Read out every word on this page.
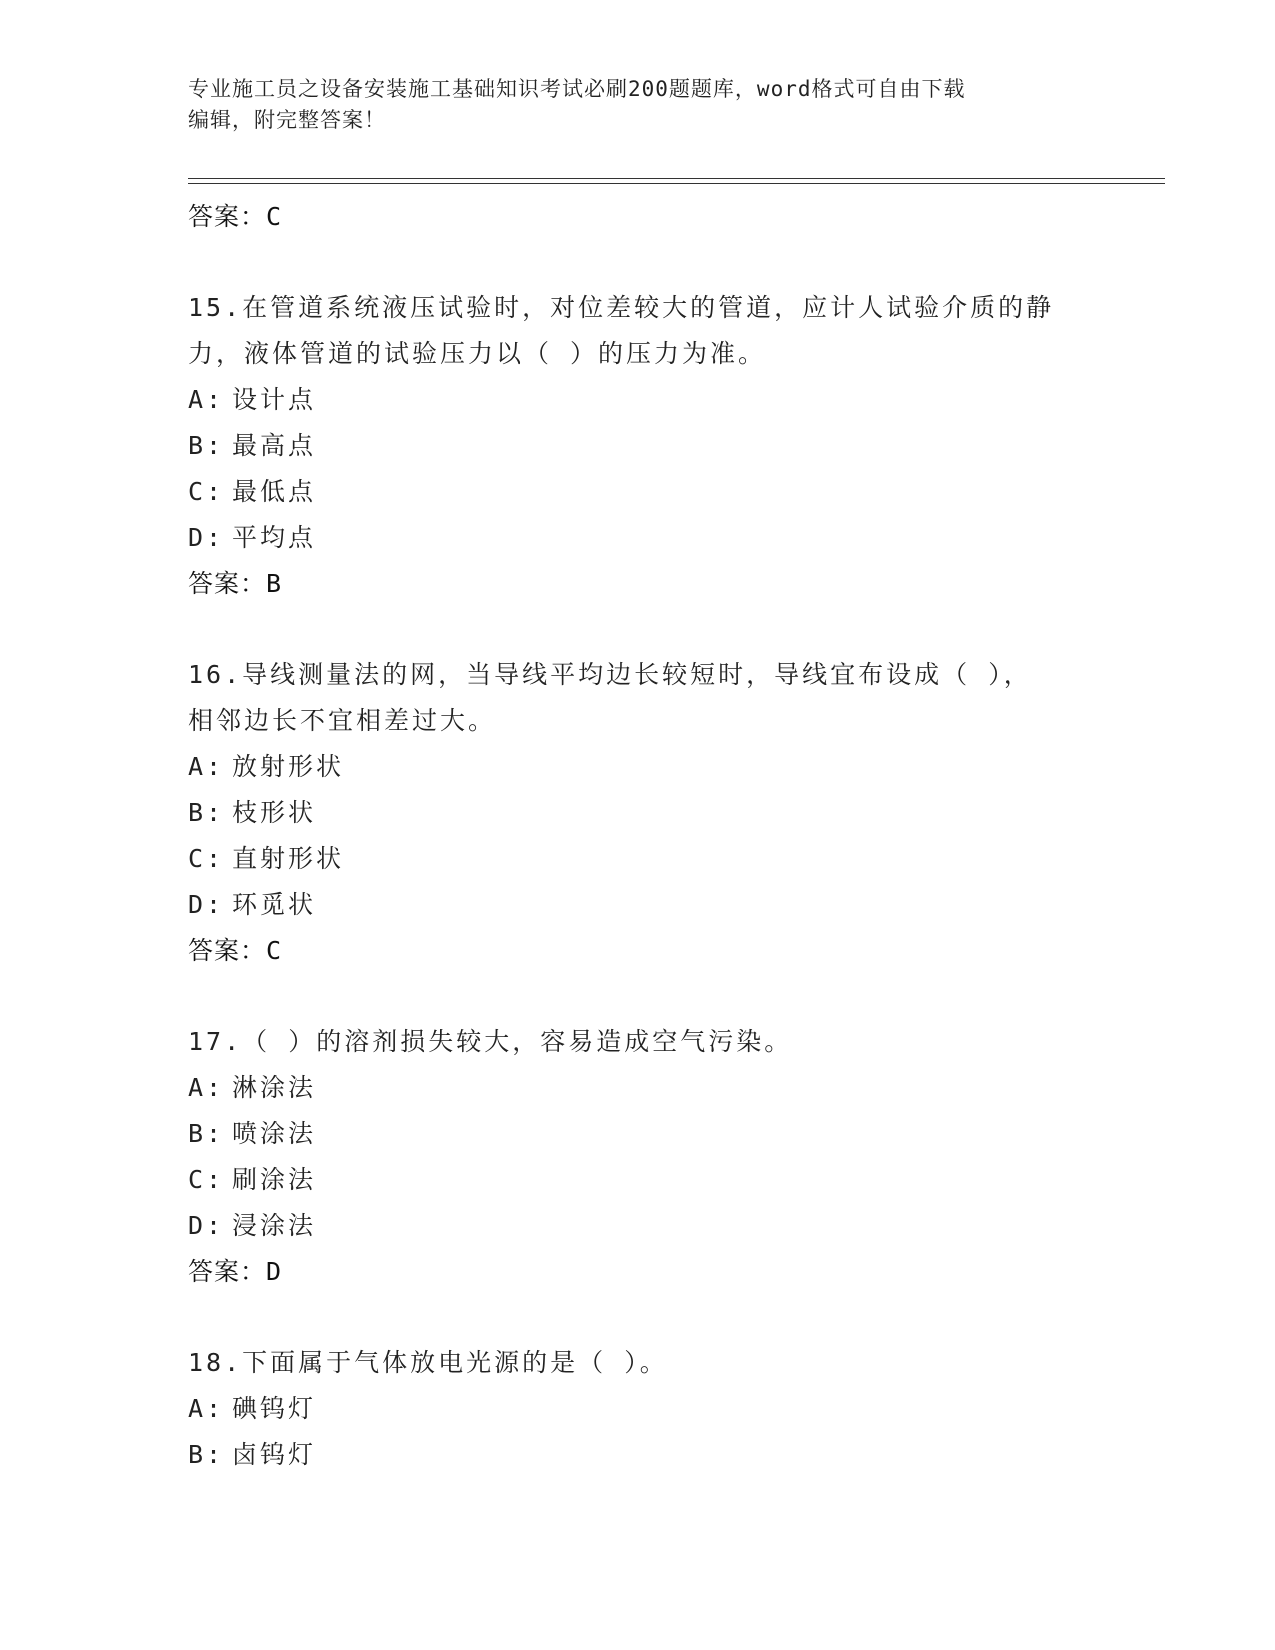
专业施工员之设备安装施工基础知识考试必刷200题题库，word格式可自由下载
编辑，附完整答案！
答案：C
15.在管道系统液压试验时，对位差较大的管道，应计人试验介质的静
力，液体管道的试验压力以（ ）的压力为准。
A: 设计点
B: 最高点
C: 最低点
D: 平均点
答案：B
16.导线测量法的网，当导线平均边长较短时，导线宜布设成（ ），
相邻边长不宜相差过大。
A: 放射形状
B: 枝形状
C: 直射形状
D: 环觅状
答案：C
17.（ ）的溶剂损失较大，容易造成空气污染。
A: 淋涂法
B: 喷涂法
C: 刷涂法
D: 浸涂法
答案：D
18.下面属于气体放电光源的是（ ）。
A: 碘钨灯
B: 卤钨灯
